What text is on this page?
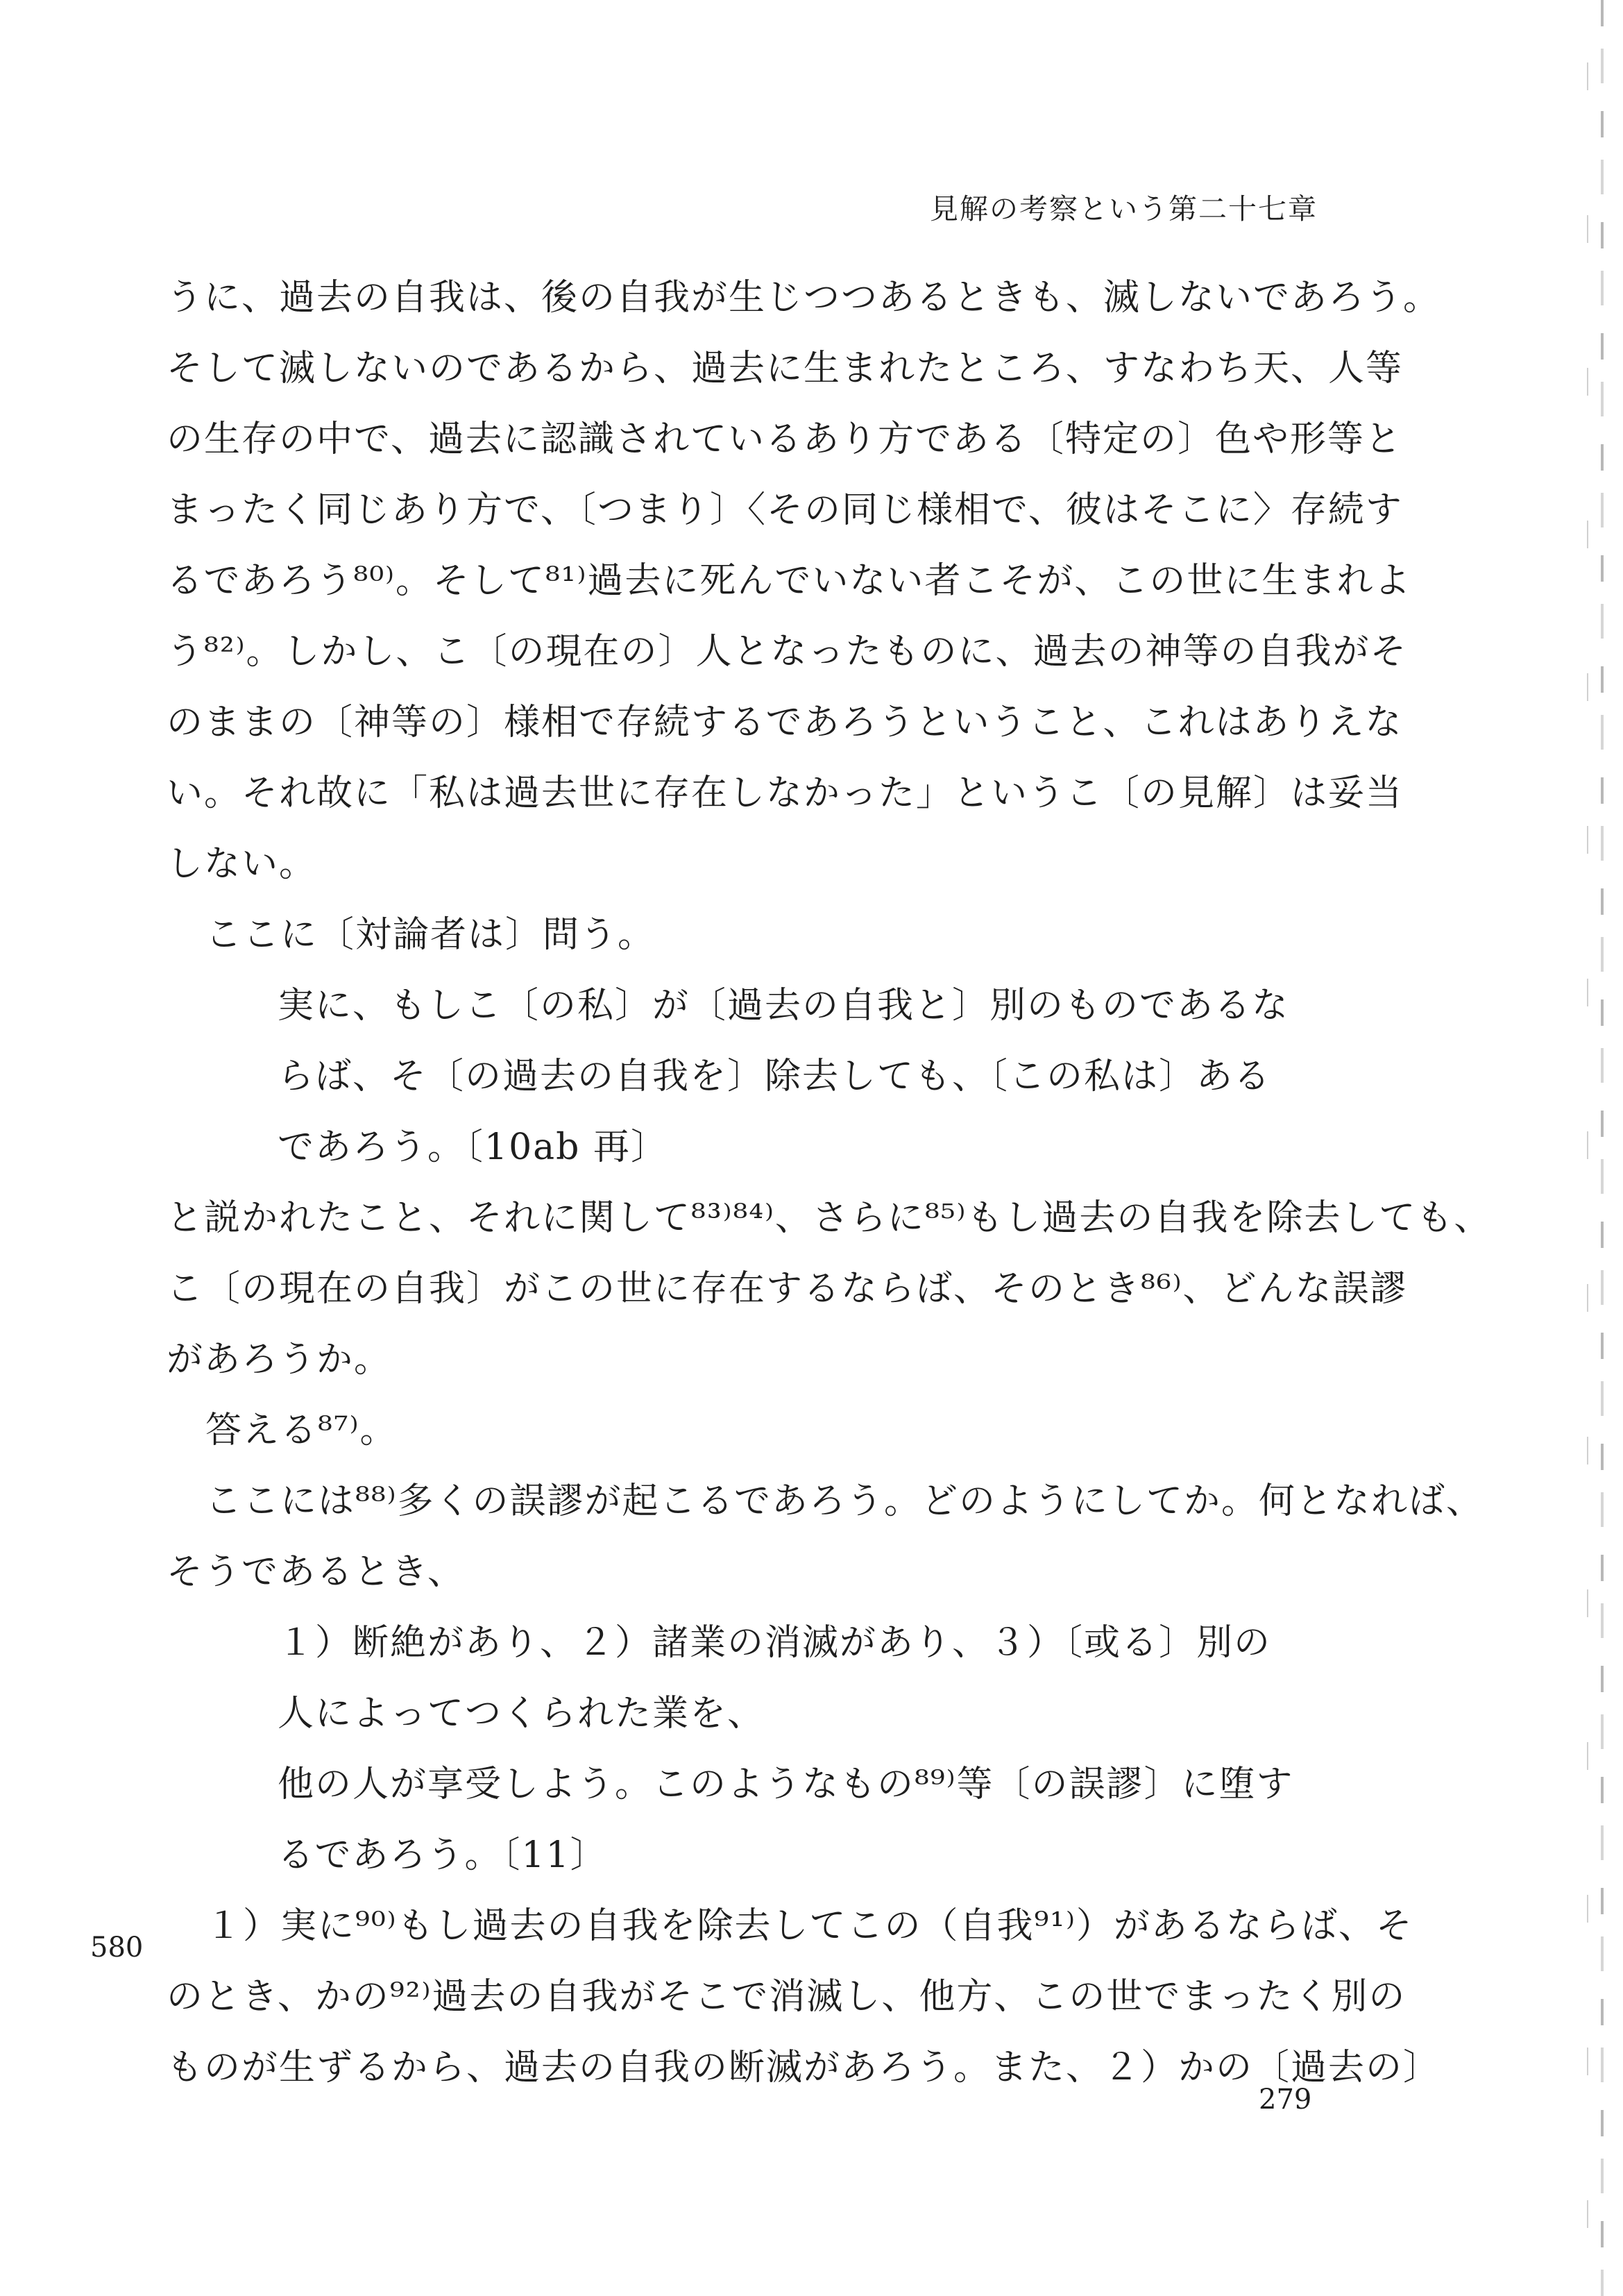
見解の考察という第二十七章
うに、過去の自我は、後の自我が生じつつあるときも、滅しないであろう。
そして滅しないのであるから、過去に生まれたところ、すなわち天、人等
の生存の中で、過去に認識されているあり方である〔特定の〕色や形等と
まったく同じあり方で、〔つまり〕〈その同じ様相で、彼はそこに〉存続す
るであろう⁸⁰⁾。そして⁸¹⁾過去に死んでいない者こそが、この世に生まれよ
う⁸²⁾。しかし、こ〔の現在の〕人となったものに、過去の神等の自我がそ
のままの〔神等の〕様相で存続するであろうということ、これはありえな
い。それ故に「私は過去世に存在しなかった」というこ〔の見解〕は妥当
しない。
ここに〔対論者は〕問う。
実に、もしこ〔の私〕が〔過去の自我と〕別のものであるな
らば、そ〔の過去の自我を〕除去しても、〔この私は〕ある
であろう。〔10ab 再〕
と説かれたこと、それに関して⁸³⁾⁸⁴⁾、さらに⁸⁵⁾もし過去の自我を除去しても、
こ〔の現在の自我〕がこの世に存在するならば、そのとき⁸⁶⁾、どんな誤謬
があろうか。
答える⁸⁷⁾。
ここには⁸⁸⁾多くの誤謬が起こるであろう。どのようにしてか。何となれば、
そうであるとき、
１）断絶があり、２）諸業の消滅があり、３）〔或る〕別の
人によってつくられた業を、
他の人が享受しよう。このようなもの⁸⁹⁾等〔の誤謬〕に堕す
るであろう。〔11〕
１）実に⁹⁰⁾もし過去の自我を除去してこの（自我⁹¹⁾）があるならば、そ
のとき、かの⁹²⁾過去の自我がそこで消滅し、他方、この世でまったく別の
ものが生ずるから、過去の自我の断滅があろう。また、２）かの〔過去の〕
580
279
